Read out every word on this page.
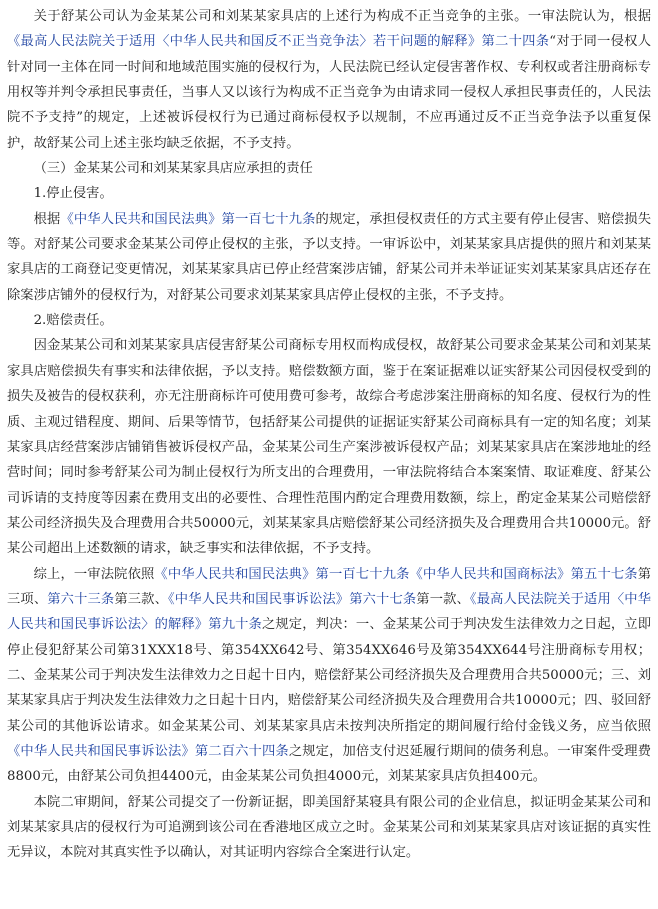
关于舒某公司认为金某某公司和刘某某家具店的上述行为构成不正当竞争的主张。一审法院认为，根据《最高人民法院关于适用〈中华人民共和国反不正当竞争法〉若干问题的解释》第二十四条“对于同一侵权人针对同一主体在同一时间和地域范围实施的侵权行为，人民法院已经认定侵害著作权、专利权或者注册商标专用权等并判令承担民事责任，当事人又以该行为构成不正当竞争为由请求同一侵权人承担民事责任的，人民法院不予支持”的规定，上述被诉侵权行为已通过商标侵权予以规制，不应再通过反不正当竞争法予以重复保护，故舒某公司上述主张均缺乏依据，不予支持。

（三）金某某公司和刘某某家具店应承担的责任

1.停止侵害。

根据《中华人民共和国民法典》第一百七十九条的规定，承担侵权责任的方式主要有停止侵害、赔偿损失等。对舒某公司要求金某某公司停止侵权的主张，予以支持。一审诉讼中，刘某某家具店提供的照片和刘某某家具店的工商登记变更情况，刘某某家具店已停止经营案涉店铺，舒某公司并未举证证实刘某某家具店还存在除案涉店铺外的侵权行为，对舒某公司要求刘某某家具店停止侵权的主张，不予支持。

2.赔偿责任。

因金某某公司和刘某某家具店侵害舒某公司商标专用权而构成侵权，故舒某公司要求金某某公司和刘某某家具店赔偿损失有事实和法律依据，予以支持。赔偿数额方面，鉴于在案证据难以证实舒某公司因侵权受到的损失及被告的侵权获利，亦无注册商标许可使用费可参考，故综合考虑涉案注册商标的知名度、侵权行为的性质、主观过错程度、期间、后果等情节，包括舒某公司提供的证据证实舒某公司商标具有一定的知名度；刘某某家具店经营案涉店铺销售被诉侵权产品，金某某公司生产案涉被诉侵权产品；刘某某家具店在案涉地址的经营时间；同时参考舒某公司为制止侵权行为所支出的合理费用，一审法院将结合本案案情、取证难度、舒某公司诉请的支持度等因素在费用支出的必要性、合理性范围内酌定合理费用数额，综上，酌定金某某公司赔偿舒某公司经济损失及合理费用合共50000元，刘某某家具店赔偿舒某公司经济损失及合理费用合共10000元。舒某公司超出上述数额的请求，缺乏事实和法律依据，不予支持。

综上，一审法院依照《中华人民共和国民法典》第一百七十九条《中华人民共和国商标法》第五十七条第三项、第六十三条第三款、《中华人民共和国民事诉讼法》第六十七条第一款、《最高人民法院关于适用〈中华人民共和国民事诉讼法〉的解释》第九十条之规定，判决：一、金某某公司于判决发生法律效力之日起，立即停止侵犯舒某公司第31XXX18号、第354XX642号、第354XX646号及第354XX644号注册商标专用权；二、金某某公司于判决发生法律效力之日起十日内，赔偿舒某公司经济损失及合理费用合共50000元；三、刘某某家具店于判决发生法律效力之日起十日内，赔偿舒某公司经济损失及合理费用合共10000元；四、驳回舒某公司的其他诉讼请求。如金某某公司、刘某某家具店未按判决所指定的期间履行给付金钱义务，应当依照《中华人民共和国民事诉讼法》第二百六十四条之规定，加倍支付迟延履行期间的债务利息。一审案件受理费8800元，由舒某公司负担4400元，由金某某公司负担4000元，刘某某家具店负担400元。

本院二审期间，舒某公司提交了一份新证据，即美国舒某寝具有限公司的企业信息，拟证明金某某公司和刘某某家具店的侵权行为可追溯到该公司在香港地区成立之时。金某某公司和刘某某家具店对该证据的真实性无异议，本院对其真实性予以确认，对其证明内容综合全案进行认定。
